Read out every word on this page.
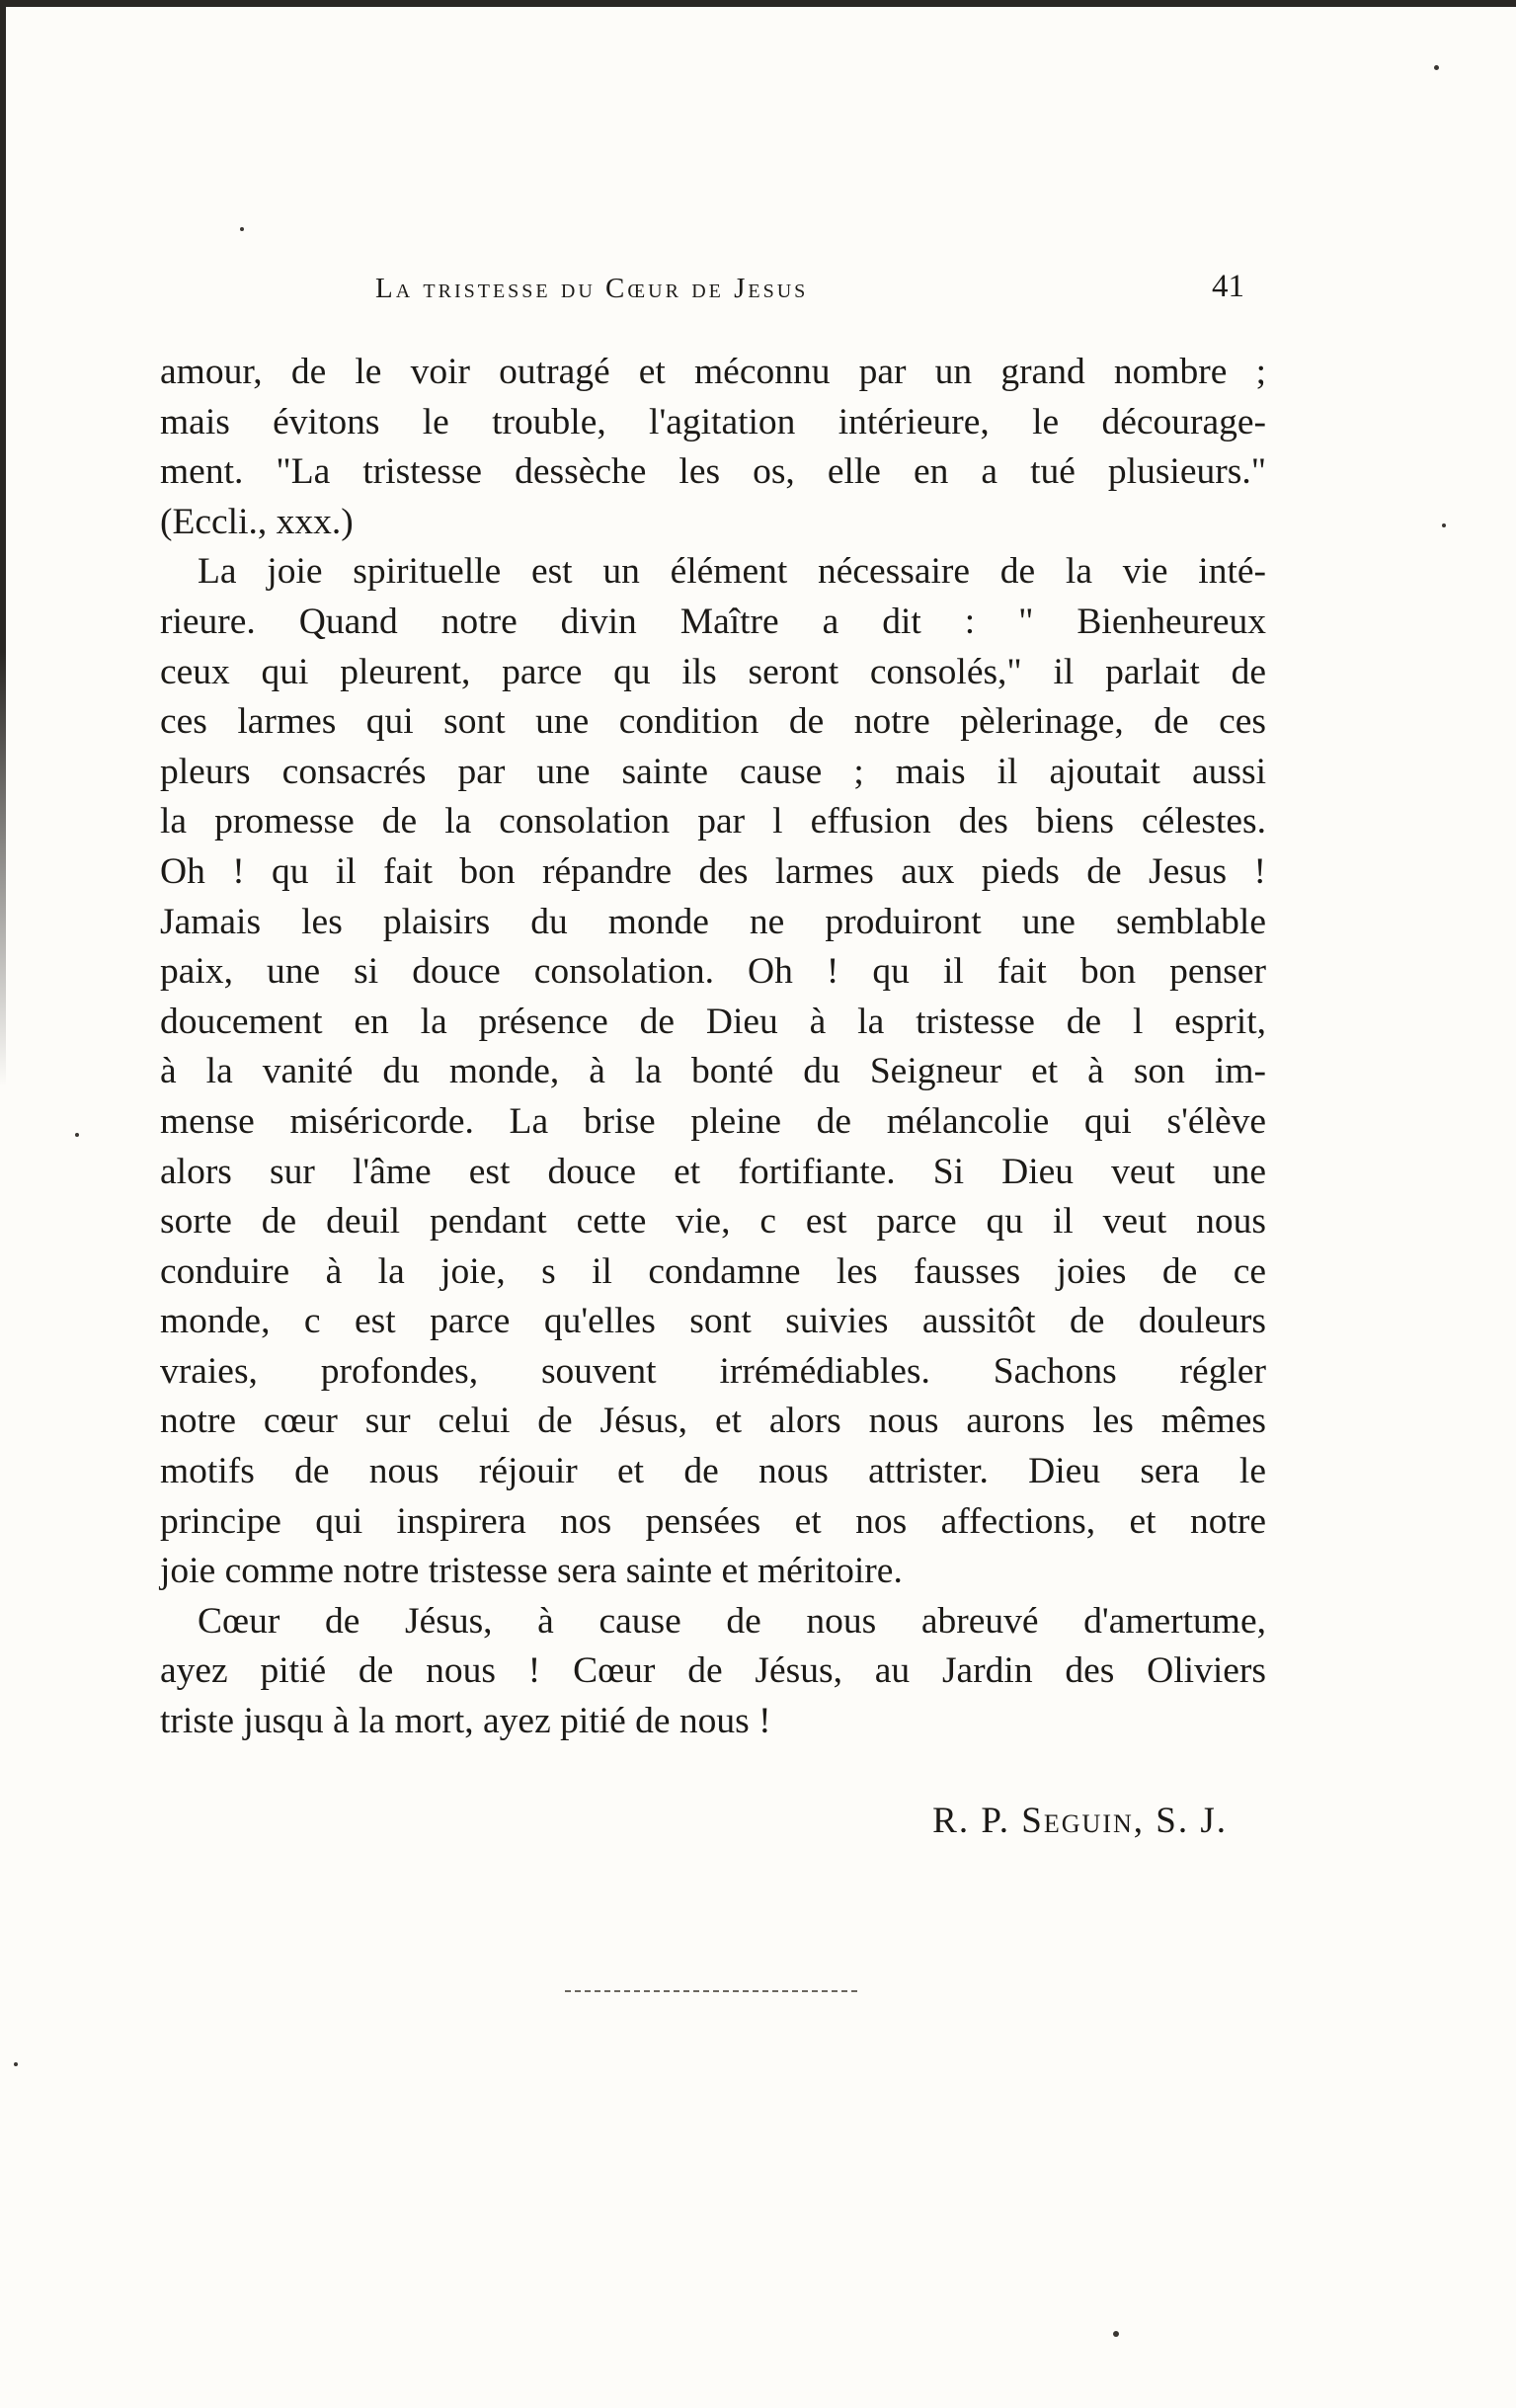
La tristesse du Cœur de Jesus	41
amour, de le voir outragé et méconnu par un grand nombre ;
mais évitons le trouble, l'agitation intérieure, le décourage-
ment. "La tristesse dessèche les os, elle en a tué plusieurs."
(Eccli., xxx.)
La joie spirituelle est un élément nécessaire de la vie inté-
rieure. Quand notre divin Maître a dit : " Bienheureux
ceux qui pleurent, parce qu ils seront consolés," il parlait de
ces larmes qui sont une condition de notre pèlerinage, de ces
pleurs consacrés par une sainte cause ; mais il ajoutait aussi
la promesse de la consolation par l effusion des biens célestes.
Oh ! qu il fait bon répandre des larmes aux pieds de Jesus !
Jamais les plaisirs du monde ne produiront une semblable
paix, une si douce consolation. Oh ! qu il fait bon penser
doucement en la présence de Dieu à la tristesse de l esprit,
à la vanité du monde, à la bonté du Seigneur et à son im-
mense miséricorde. La brise pleine de mélancolie qui s'élève
alors sur l'âme est douce et fortifiante. Si Dieu veut une
sorte de deuil pendant cette vie, c est parce qu il veut nous
conduire à la joie, s il condamne les fausses joies de ce
monde, c est parce qu'elles sont suivies aussitôt de douleurs
vraies, profondes, souvent irrémédiables. Sachons régler
notre cœur sur celui de Jésus, et alors nous aurons les mêmes
motifs de nous réjouir et de nous attrister. Dieu sera le
principe qui inspirera nos pensées et nos affections, et notre
joie comme notre tristesse sera sainte et méritoire.
Cœur de Jésus, à cause de nous abreuvé d'amertume,
ayez pitié de nous ! Cœur de Jésus, au Jardin des Oliviers
triste jusqu à la mort, ayez pitié de nous !
R. P. Seguin, S. J.
